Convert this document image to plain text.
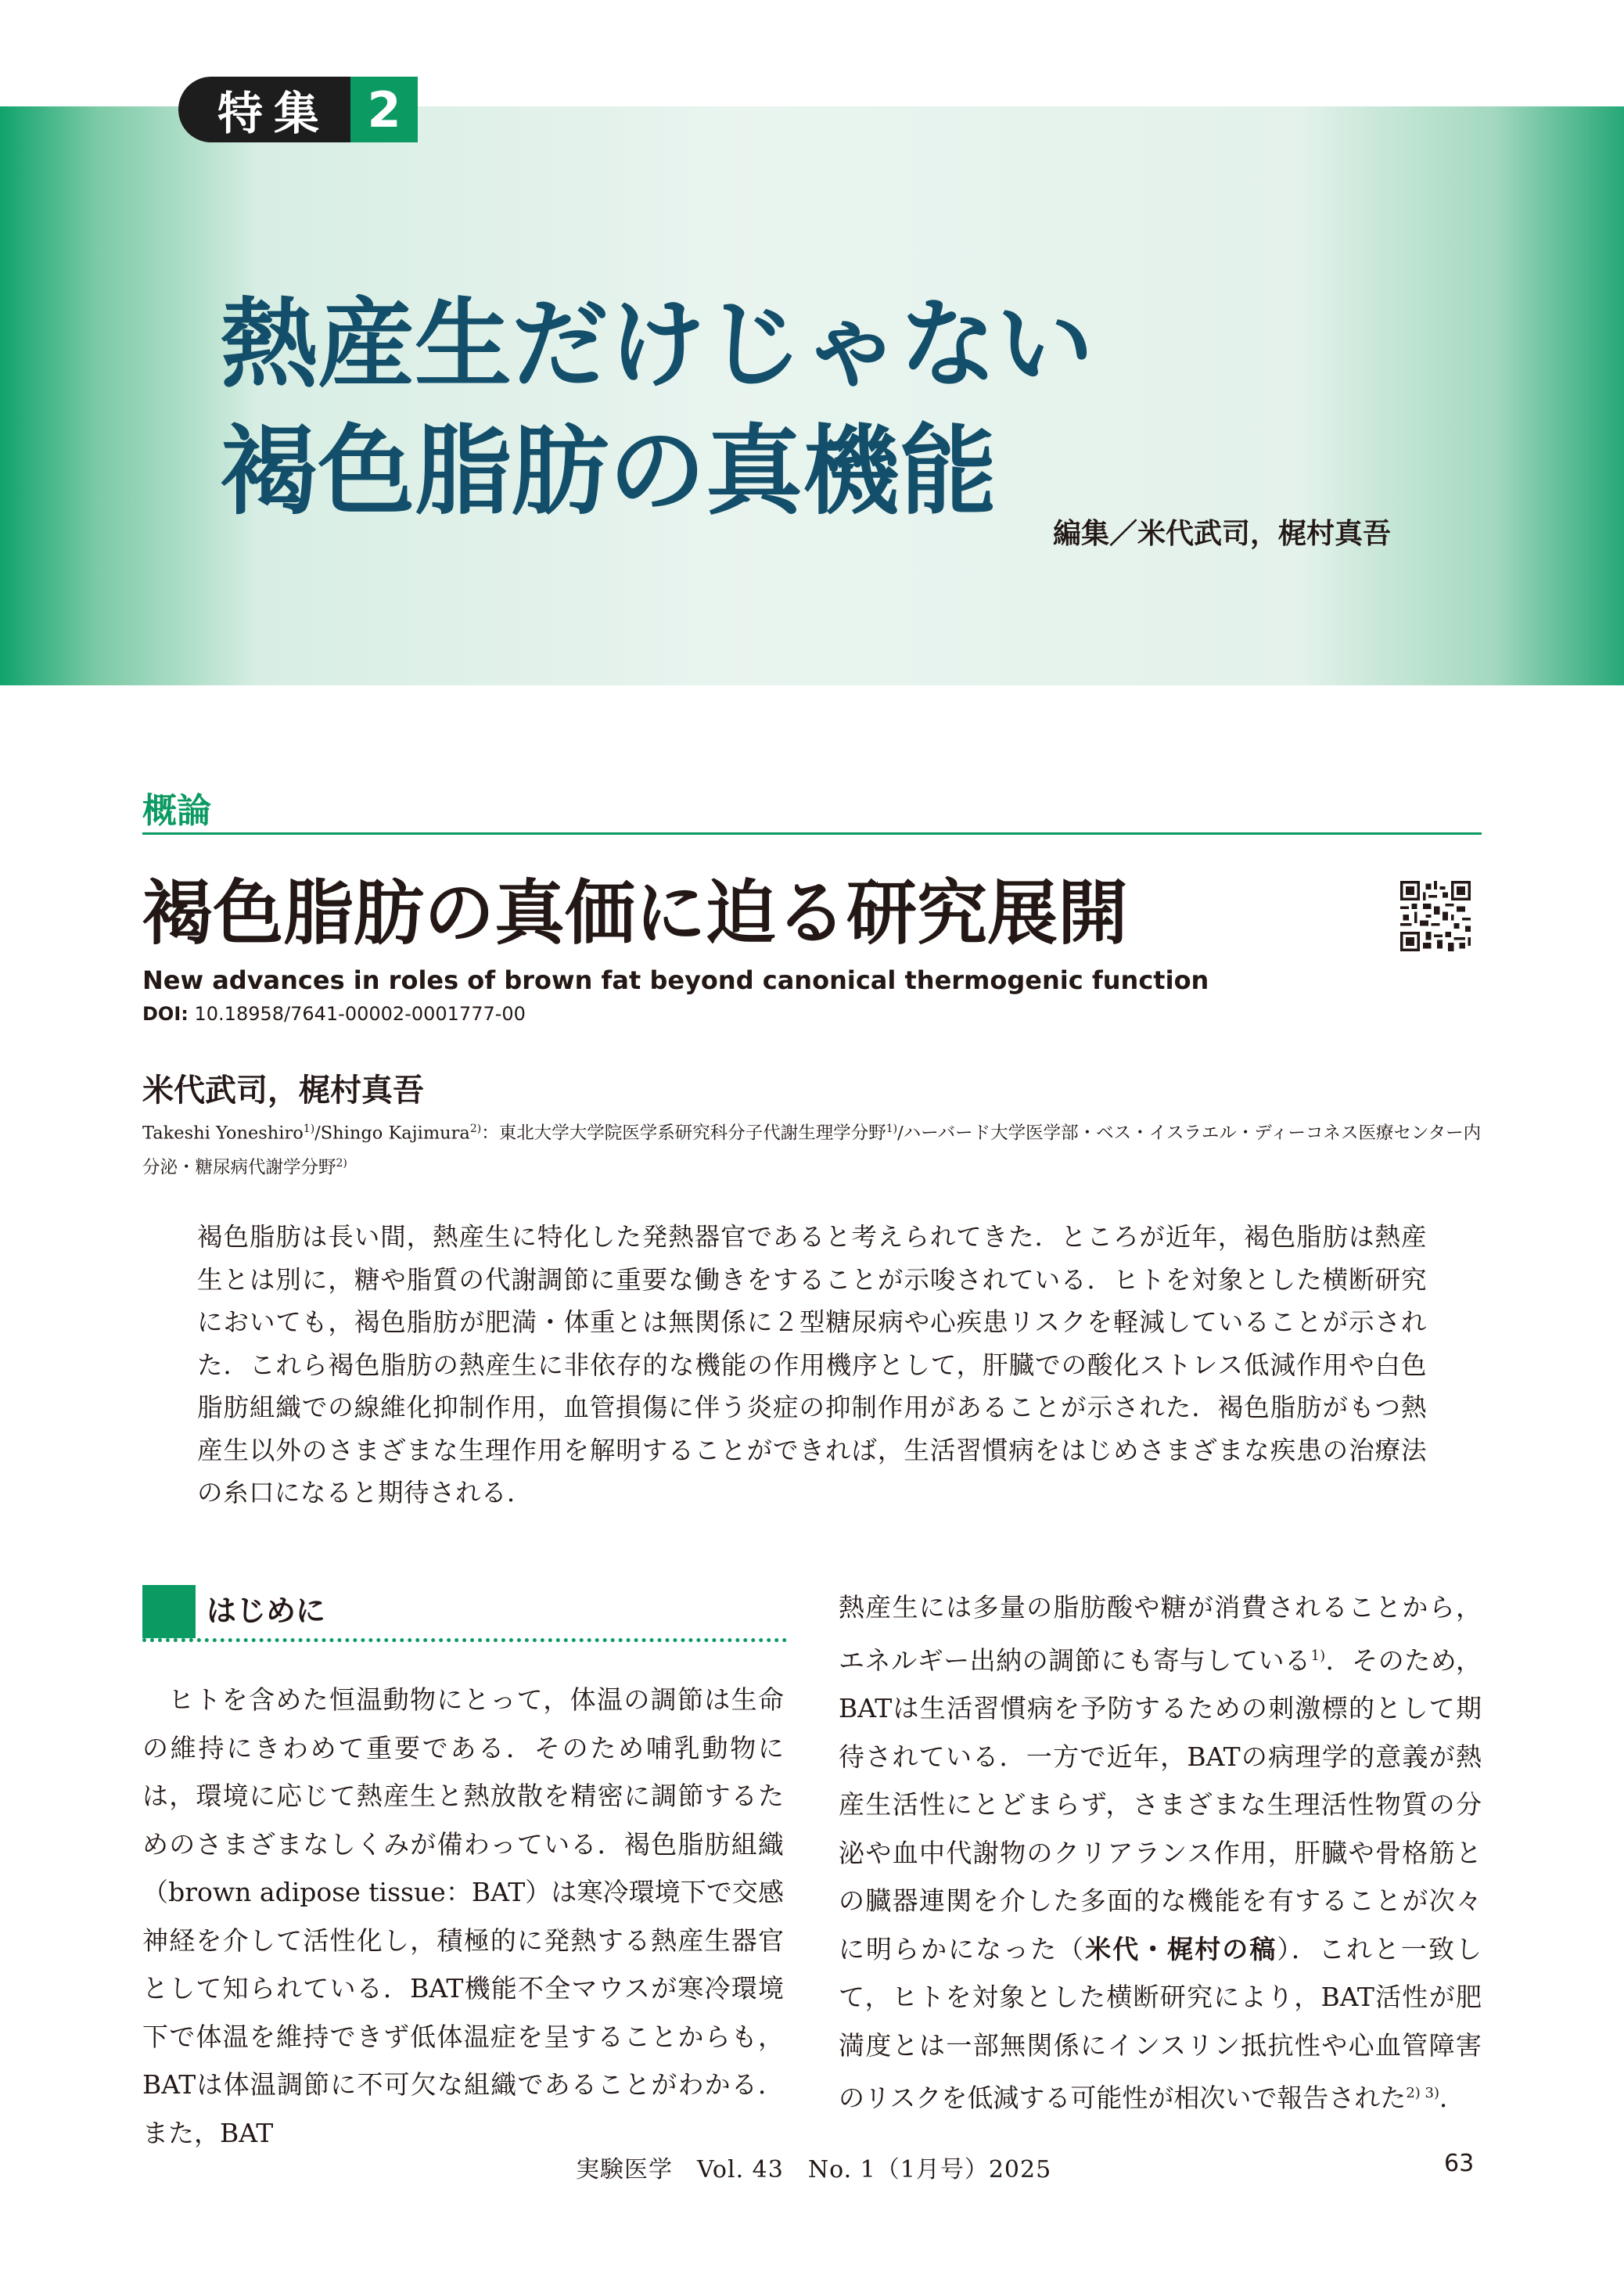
特集 2
熱産生だけじゃない
褐色脂肪の真機能
編集／米代武司，梶村真吾
概論
褐色脂肪の真価に迫る研究展開
New advances in roles of brown fat beyond canonical thermogenic function
DOI: 10.18958/7641-00002-0001777-00
米代武司，梶村真吾
Takeshi Yoneshiro$^{1)}$/Shingo Kajimura$^{2)}$：東北大学大学院医学系研究科分子代謝生理学分野$^{1)}$/ハーバード大学医学部・ベス・イスラエル・ディーコネス医療センター内分泌・糖尿病代謝学分野$^{2)}$
褐色脂肪は長い間，熱産生に特化した発熱器官であると考えられてきた．ところが近年，褐色脂肪は熱産生とは別に，糖や脂質の代謝調節に重要な働きをすることが示唆されている．ヒトを対象とした横断研究においても，褐色脂肪が肥満・体重とは無関係に２型糖尿病や心疾患リスクを軽減していることが示された．これら褐色脂肪の熱産生に非依存的な機能の作用機序として，肝臓での酸化ストレス低減作用や白色脂肪組織での線維化抑制作用，血管損傷に伴う炎症の抑制作用があることが示された．褐色脂肪がもつ熱産生以外のさまざまな生理作用を解明することができれば，生活習慣病をはじめさまざまな疾患の治療法の糸口になると期待される．
はじめに
ヒトを含めた恒温動物にとって，体温の調節は生命の維持にきわめて重要である．そのため哺乳動物には，環境に応じて熱産生と熱放散を精密に調節するためのさまざまなしくみが備わっている．褐色脂肪組織（brown adipose tissue：BAT）は寒冷環境下で交感神経を介して活性化し，積極的に発熱する熱産生器官として知られている．BAT機能不全マウスが寒冷環境下で体温を維持できず低体温症を呈することからも，BATは体温調節に不可欠な組織であることがわかる．また，BAT
熱産生には多量の脂肪酸や糖が消費されることから，エネルギー出納の調節にも寄与している$^{1)}$．そのため，BATは生活習慣病を予防するための刺激標的として期待されている．一方で近年，BATの病理学的意義が熱産生活性にとどまらず，さまざまな生理活性物質の分泌や血中代謝物のクリアランス作用，肝臓や骨格筋との臓器連関を介した多面的な機能を有することが次々に明らかになった（米代・梶村の稿）．これと一致して，ヒトを対象とした横断研究により，BAT活性が肥満度とは一部無関係にインスリン抵抗性や心血管障害のリスクを低減する可能性が相次いで報告された$^{2) 3)}$．
実験医学　Vol. 43　No. 1（1月号）2025	63
